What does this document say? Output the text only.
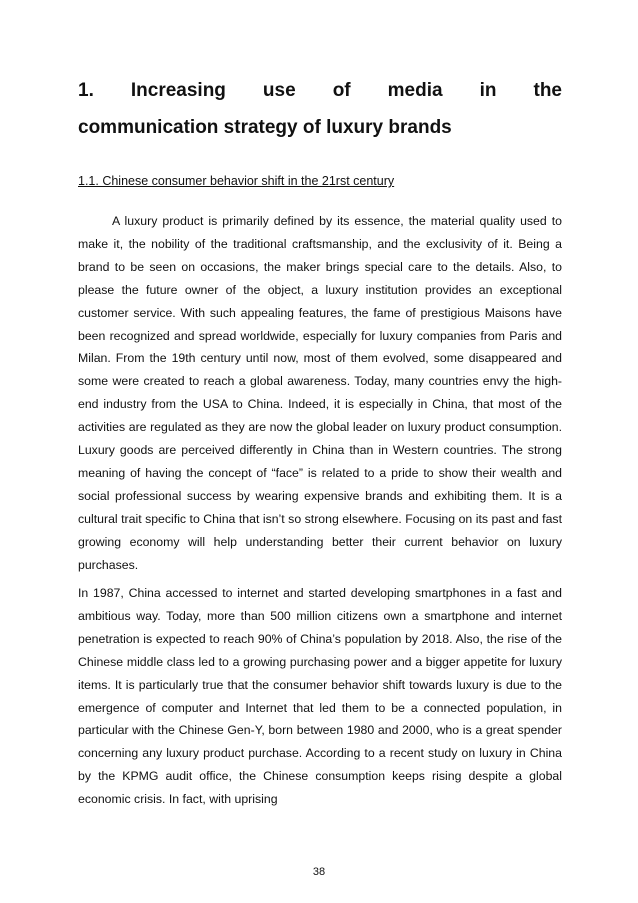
1. Increasing use of media in the
communication strategy of luxury brands

1.1. Chinese consumer behavior shift in the 21rst century

A luxury product is primarily defined by its essence, the material quality used to make it, the nobility of the traditional craftsmanship, and the exclusivity of it. Being a brand to be seen on occasions, the maker brings special care to the details. Also, to please the future owner of the object, a luxury institution provides an exceptional customer service. With such appealing features, the fame of prestigious Maisons have been recognized and spread worldwide, especially for luxury companies from Paris and Milan. From the 19th century until now, most of them evolved, some disappeared and some were created to reach a global awareness. Today, many countries envy the high-end industry from the USA to China. Indeed, it is especially in China, that most of the activities are regulated as they are now the global leader on luxury product consumption. Luxury goods are perceived differently in China than in Western countries. The strong meaning of having the concept of “face” is related to a pride to show their wealth and social professional success by wearing expensive brands and exhibiting them. It is a cultural trait specific to China that isn’t so strong elsewhere. Focusing on its past and fast growing economy will help understanding better their current behavior on luxury purchases.

In 1987, China accessed to internet and started developing smartphones in a fast and ambitious way. Today, more than 500 million citizens own a smartphone and internet penetration is expected to reach 90% of China’s population by 2018. Also, the rise of the Chinese middle class led to a growing purchasing power and a bigger appetite for luxury items. It is particularly true that the consumer behavior shift towards luxury is due to the emergence of computer and Internet that led them to be a connected population, in particular with the Chinese Gen-Y, born between 1980 and 2000, who is a great spender concerning any luxury product purchase. According to a recent study on luxury in China by the KPMG audit office, the Chinese consumption keeps rising despite a global economic crisis. In fact, with uprising

38
